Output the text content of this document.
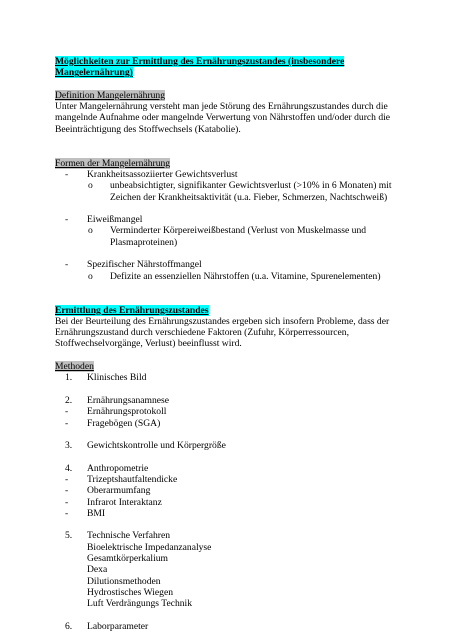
Möglichkeiten zur Ermittlung des Ernährungszustandes (insbesondere
Mangelernährung)

Definition Mangelernährung

Unter Mangelernährung versteht man jede Störung des Ernährungszustandes durch die mangelnde Aufnahme oder mangelnde Verwertung von Nährstoffen und/oder durch die Beeinträchtigung des Stoffwechsels (Katabolie).

Formen der Mangelernährung

-	Krankheitsassoziierter Gewichtsverlust
o	unbeabsichtigter, signifikanter Gewichtsverlust (>10% in 6 Monaten) mit Zeichen der Krankheitsaktivität (u.a. Fieber, Schmerzen, Nachtschweiß)
-	Eiweißmangel
o	Verminderter Körpereiweißbestand (Verlust von Muskelmasse und Plasmaproteinen)
-	Spezifischer Nährstoffmangel
o	Defizite an essenziellen Nährstoffen (u.a. Vitamine, Spurenelementen)

Ermittlung des Ernährungszustandes

Bei der Beurteilung des Ernährungszustandes ergeben sich insofern Probleme, dass der Ernährungszustand durch verschiedene Faktoren (Zufuhr, Körperressourcen, Stoffwechselvorgänge, Verlust) beeinflusst wird.

Methoden

1.	Klinisches Bild
2.	Ernährungsanamnese
-	Ernährungsprotokoll
-	Fragebögen (SGA)
3.	Gewichtskontrolle und Körpergröße
4.	Anthropometrie
-	Trizeptshautfaltendicke
-	Oberarmumfang
-	Infrarot Interaktanz
-	BMI
5.	Technische Verfahren
Bioelektrische Impedanzanalyse
Gesamtkörperkalium
Dexa
Dilutionsmethoden
Hydrostisches Wiegen
Luft Verdrängungs Technik
6.	Laborparameter
